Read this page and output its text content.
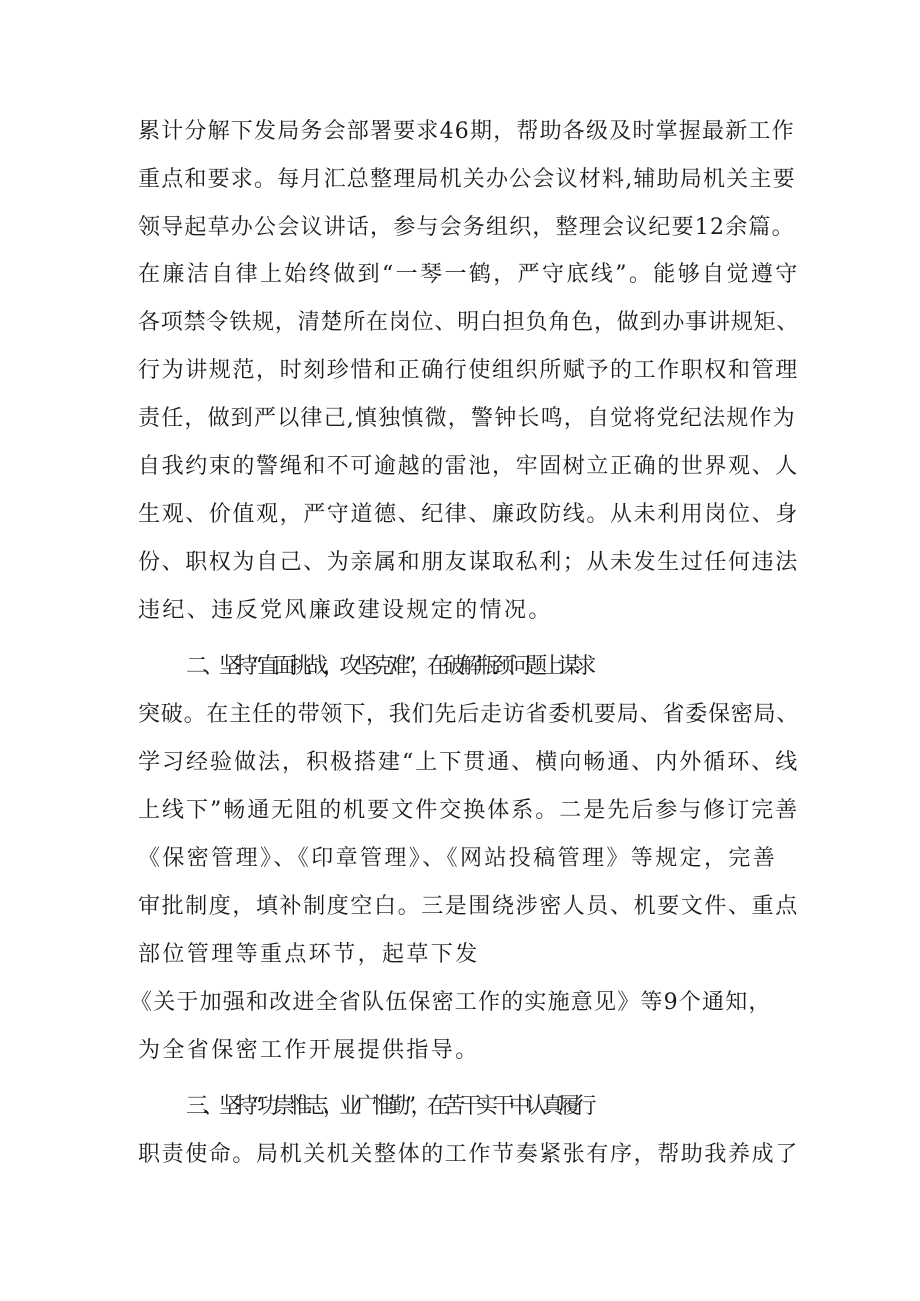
累计分解下发局务会部署要求46期，帮助各级及时掌握最新工作
重点和要求。每月汇总整理局机关办公会议材料,辅助局机关主要
领导起草办公会议讲话，参与会务组织，整理会议纪要12余篇。
在廉洁自律上始终做到“一琴一鹤，严守底线”。能够自觉遵守
各项禁令铁规，清楚所在岗位、明白担负角色，做到办事讲规矩、
行为讲规范，时刻珍惜和正确行使组织所赋予的工作职权和管理
责任，做到严以律己,慎独慎微，警钟长鸣，自觉将党纪法规作为
自我约束的警绳和不可逾越的雷池，牢固树立正确的世界观、人
生观、价值观，严守道德、纪律、廉政防线。从未利用岗位、身
份、职权为自己、为亲属和朋友谋取私利；从未发生过任何违法
违纪、违反党风廉政建设规定的情况。
二、坚持“直面挑战，攻坚克难”，在破解瓶颈问题上谋求
突破。在主任的带领下，我们先后走访省委机要局、省委保密局、
学习经验做法，积极搭建“上下贯通、横向畅通、内外循环、线
上线下”畅通无阻的机要文件交换体系。二是先后参与修订完善
《保密管理》、《印章管理》、《网站投稿管理》等规定，完善
审批制度，填补制度空白。三是围绕涉密人员、机要文件、重点
部位管理等重点环节，起草下发
《关于加强和改进全省队伍保密工作的实施意见》等9个通知，
为全省保密工作开展提供指导。
三、坚持“功崇惟志，业广惟勤”，在苦干实干中认真履行
职责使命。局机关机关整体的工作节奏紧张有序，帮助我养成了
